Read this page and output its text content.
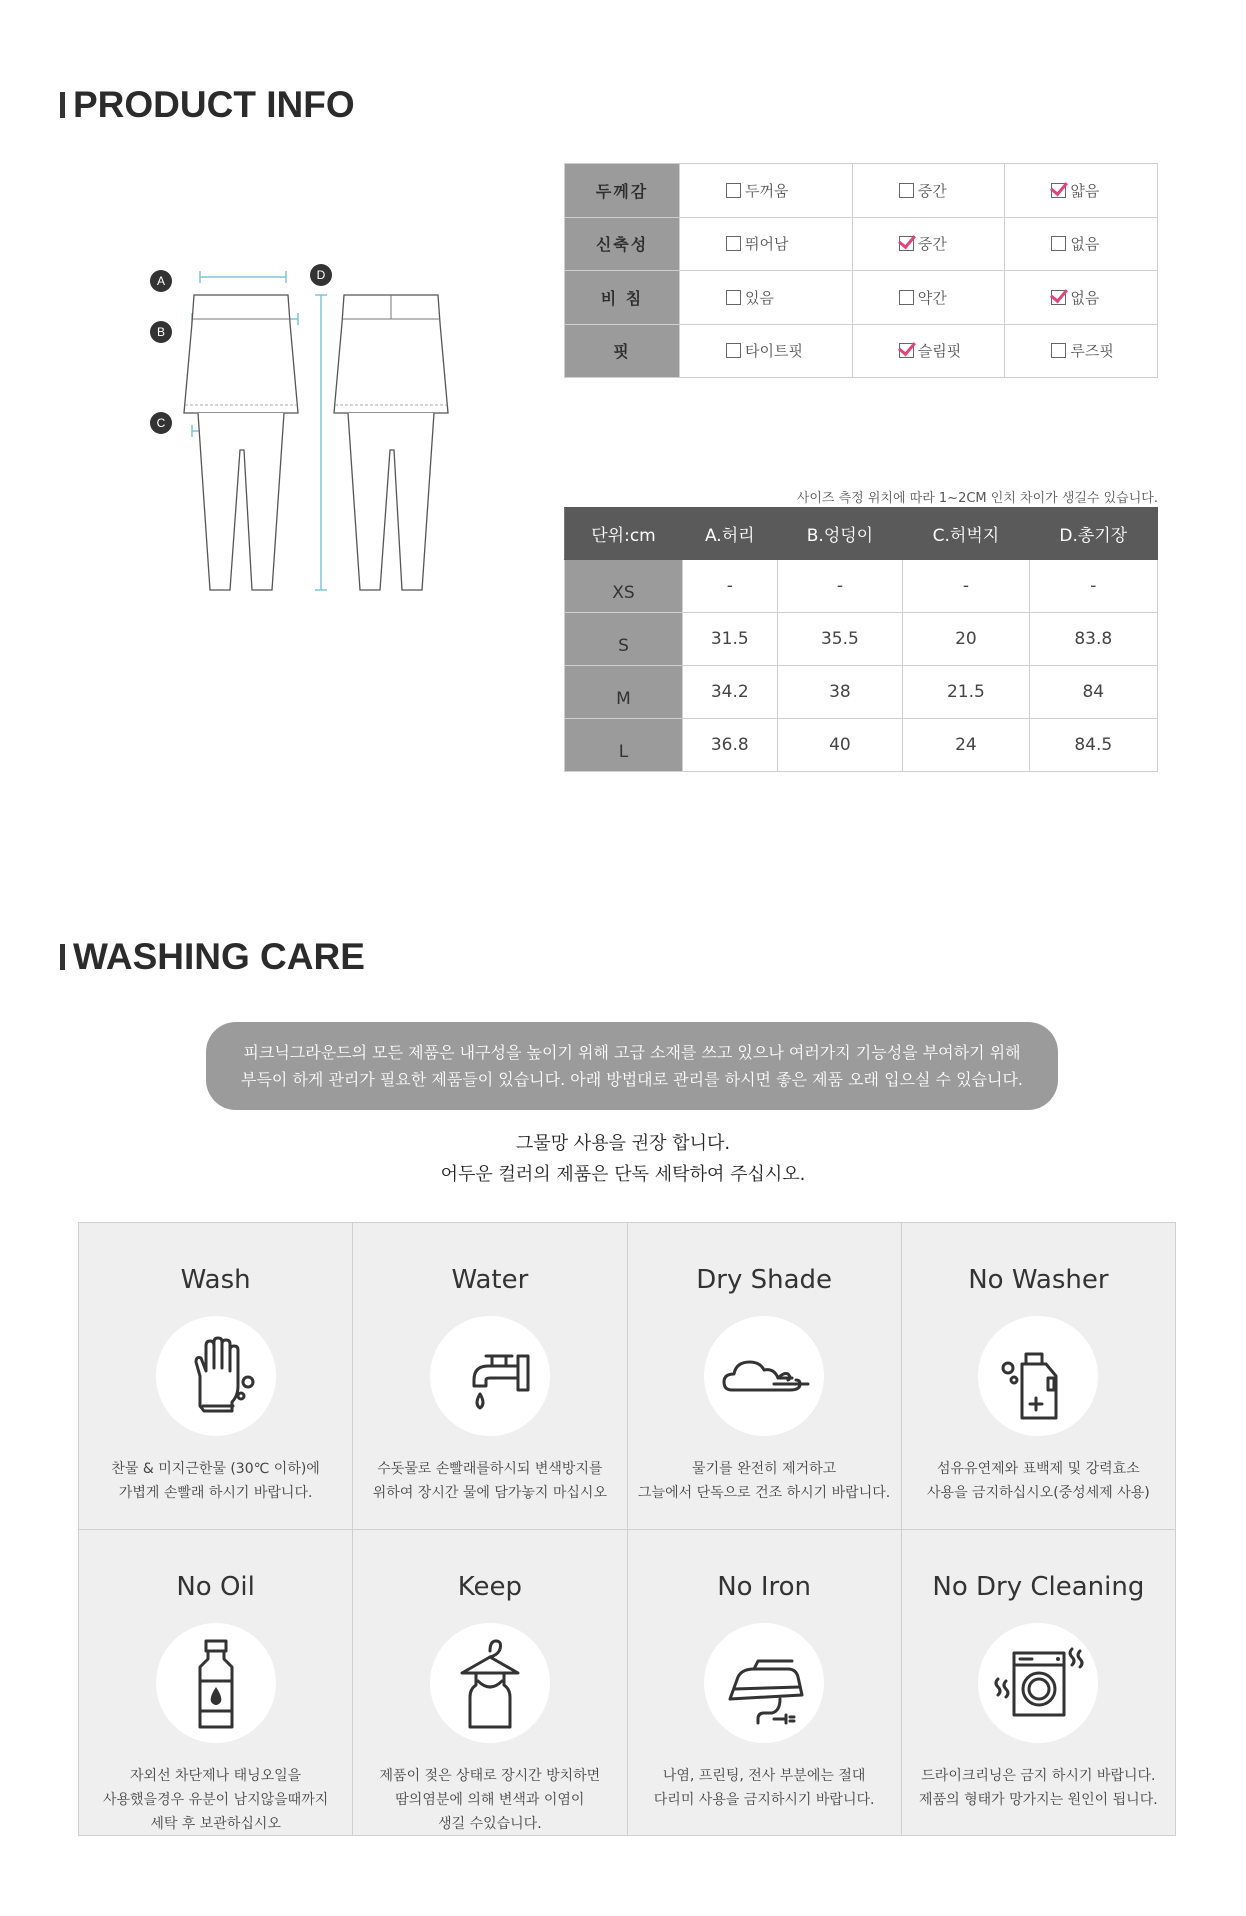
PRODUCT INFO
A
B
C
D
두께감	두꺼움	중간	얇음
신축성	뛰어남	중간	없음
비 침	있음	약간	없음
핏	타이트핏	슬림핏	루즈핏
사이즈 측정 위치에 따라 1~2CM 인치 차이가 생길수 있습니다.
단위:cm	A.허리	B.엉덩이	C.허벅지	D.총기장
XS	-	-	-	-
S	31.5	35.5	20	83.8
M	34.2	38	21.5	84
L	36.8	40	24	84.5
WASHING CARE
피크닉그라운드의 모든 제품은 내구성을 높이기 위해 고급 소재를 쓰고 있으나 여러가지 기능성을 부여하기 위해
부득이 하게 관리가 필요한 제품들이 있습니다. 아래 방법대로 관리를 하시면 좋은 제품 오래 입으실 수 있습니다.
그물망 사용을 권장 합니다.
어두운 컬러의 제품은 단독 세탁하여 주십시오.
Wash
찬물 & 미지근한물 (30℃ 이하)에
가볍게 손빨래 하시기 바랍니다.
Water
수돗물로 손빨래를하시되 변색방지를
위하여 장시간 물에 담가놓지 마십시오
Dry Shade
물기를 완전히 제거하고
그늘에서 단독으로 건조 하시기 바랍니다.
No Washer
섬유유연제와 표백제 및 강력효소
사용을 금지하십시오(중성세제 사용)
No Oil
자외선 차단제나 태닝오일을
사용했을경우 유분이 남지않을때까지
세탁 후 보관하십시오
Keep
제품이 젖은 상태로 장시간 방치하면
땀의염분에 의해 변색과 이염이
생길 수있습니다.
No Iron
나염, 프린팅, 전사 부분에는 절대
다리미 사용을 금지하시기 바랍니다.
No Dry Cleaning
드라이크리닝은 금지 하시기 바랍니다.
제품의 형태가 망가지는 원인이 됩니다.
